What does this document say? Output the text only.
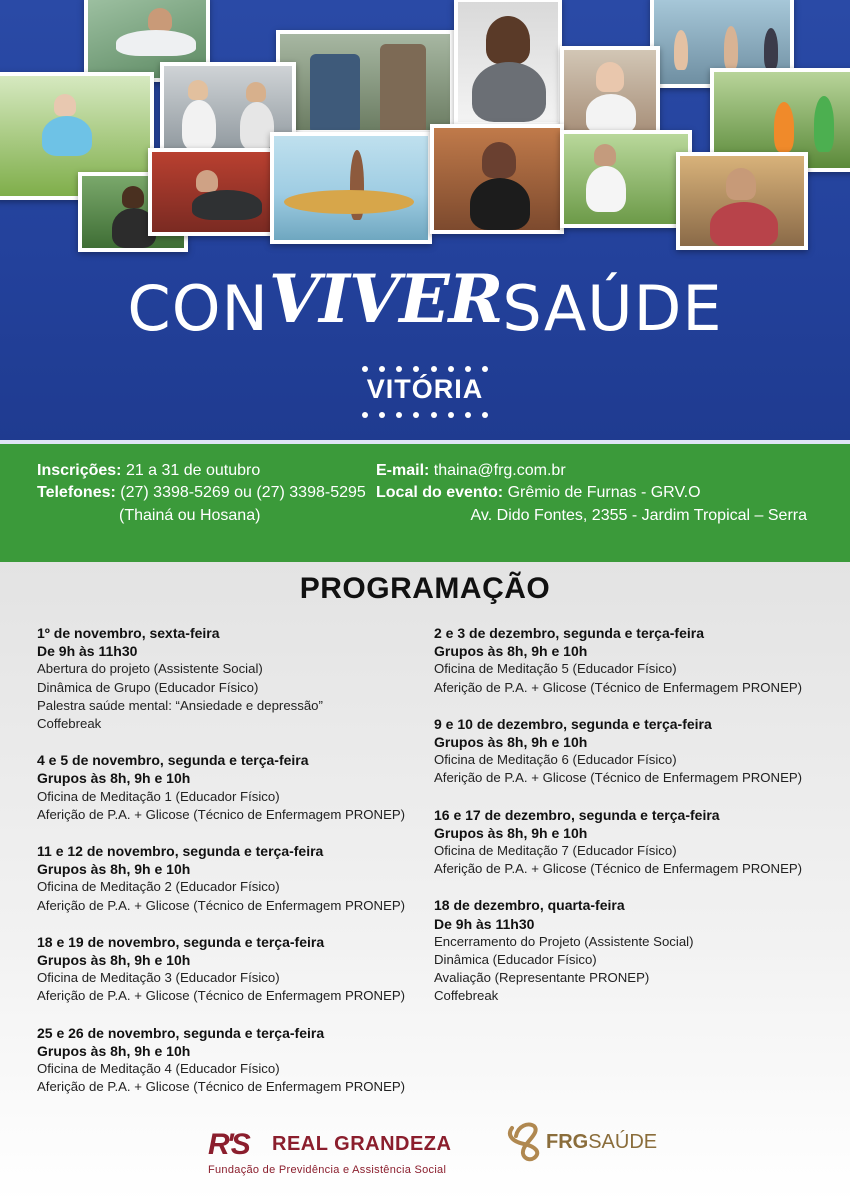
CONVIVERSAÚDE
VITÓRIA
Inscrições: 21 a 31 de outubro
Telefones: (27) 3398-5269 ou (27) 3398-5295
(Thainá ou Hosana)
E-mail: thaina@frg.com.br
Local do evento: Grêmio de Furnas - GRV.O
Av. Dido Fontes, 2355 - Jardim Tropical – Serra
PROGRAMAÇÃO
1º de novembro, sexta-feira
De 9h às 11h30
Abertura do projeto (Assistente Social)
Dinâmica de Grupo (Educador Físico)
Palestra saúde mental: “Ansiedade e depressão”
Coffebreak
4 e 5 de novembro, segunda e terça-feira
Grupos às 8h, 9h e 10h
Oficina de Meditação 1 (Educador Físico)
Aferição de P.A. + Glicose (Técnico de Enfermagem PRONEP)
11 e 12 de novembro, segunda e terça-feira
Grupos às 8h, 9h e 10h
Oficina de Meditação 2 (Educador Físico)
Aferição de P.A. + Glicose (Técnico de Enfermagem PRONEP)
18 e 19 de novembro, segunda e terça-feira
Grupos às 8h, 9h e 10h
Oficina de Meditação 3 (Educador Físico)
Aferição de P.A. + Glicose (Técnico de Enfermagem PRONEP)
25 e 26 de novembro, segunda e terça-feira
Grupos às 8h, 9h e 10h
Oficina de Meditação 4 (Educador Físico)
Aferição de P.A. + Glicose (Técnico de Enfermagem PRONEP)
2 e 3 de dezembro, segunda e terça-feira
Grupos às 8h, 9h e 10h
Oficina de Meditação 5 (Educador Físico)
Aferição de P.A. + Glicose (Técnico de Enfermagem PRONEP)
9 e 10 de dezembro, segunda e terça-feira
Grupos às 8h, 9h e 10h
Oficina de Meditação 6 (Educador Físico)
Aferição de P.A. + Glicose (Técnico de Enfermagem PRONEP)
16 e 17 de dezembro, segunda e terça-feira
Grupos às 8h, 9h e 10h
Oficina de Meditação 7 (Educador Físico)
Aferição de P.A. + Glicose (Técnico de Enfermagem PRONEP)
18 de dezembro, quarta-feira
De 9h às 11h30
Encerramento do Projeto (Assistente Social)
Dinâmica (Educador Físico)
Avaliação (Representante PRONEP)
Coffebreak
R'S REAL GRANDEZA
Fundação de Previdência e Assistência Social
FRGSAÚDE
